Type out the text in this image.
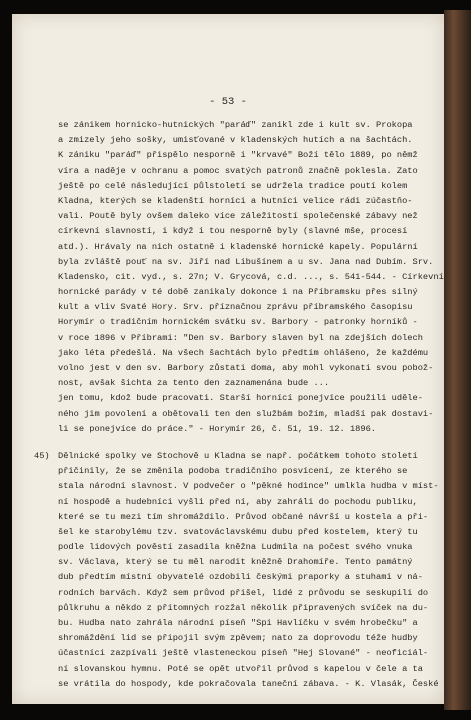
- 53 -
se zánikem hornicko-hutnických "paráď" zanikl zde i kult sv. Prokopa
a zmizely jeho sošky, umisťované v kladenských hutích a na šachtách.
K zániku "paráď" přispělo nesporně i "krvavé" Boží tělo 1889, po němž
víra a naděje v ochranu a pomoc svatých patronů značně poklesla. Zato
ještě po celé následující půlstoletí se udržela tradice poutí kolem
Kladna, kterých se kladenští horníci a hutníci velice rádi zúčastňo-
vali. Poutě byly ovšem daleko více záležitostí společenské zábavy než
církevní slavností, i když i tou nesporně byly (slavné mše, procesí
atd.). Hrávaly na nich ostatně i kladenské hornické kapely. Populární
byla zvláště pouť na sv. Jiří nad Libušínem a u sv. Jana nad Dubím. Srv.
Kladensko, cit. vyd., s. 27n; V. Grycová, c.d. ..., s. 541-544. - Církevní
hornické parády v té době zanikaly dokonce i na Příbramsku přes silný
kult a vliv Svaté Hory. Srv. příznačnou zprávu příbramského časopisu
Horymír o tradičním hornickém svátku sv. Barbory - patronky horníků -
v roce 1896 v Příbrami: "Den sv. Barbory slaven byl na zdejších dolech
jako léta předešlá. Na všech šachtách bylo předtím ohlášeno, že každému
volno jest v den sv. Barbory zůstati doma, aby mohl vykonati svou pobož-
nost, avšak šichta za tento den zaznamenána bude ...
jen tomu, kdož bude pracovati. Starší hornící ponejvíce použili uděle-
ného jim povolení a obětovali ten den službám božím, mladší pak dostavi-
li se ponejvíce do práce." - Horymír 26, č. 51, 19. 12. 1896.
45) Dělnické spolky ve Stochově u Kladna se např. počátkem tohoto století
přičinily, že se změnila podoba tradičního posvícení, ze kterého se
stala národní slavnost. V podvečer o "pěkné hodince" umlkla hudba v míst-
ní hospodě a hudebníci vyšli před ní, aby zahráli do pochodu publiku,
které se tu mezi tím shromáždilo. Průvod občané návrší u kostela a při-
šel ke starobylému tzv. svatováclavskému dubu před kostelem, který tu
podle lidových pověstí zasadila kněžna Ludmila na počest svého vnuka
sv. Václava, který se tu měl narodit kněžně Drahomíře. Tento památný
dub předtím místní obyvatelé ozdobili českými praporky a stuhami v ná-
rodních barvách. Když sem průvod přišel, lidé z průvodu se seskupili do
půlkruhu a někdo z přítomných rozžal několik připravených svíček na du-
bu. Hudba nato zahrála národní píseň "Spi Havlíčku v svém hrobečku" a
shromáždění lid se připojil svým zpěvem; nato za doprovodu téže hudby
účastníci zazpívali ještě vlasteneckou píseň "Hej Slované" - neoficiál-
ní slovanskou hymnu. Poté se opět utvořil průvod s kapelou v čele a ta
se vrátila do hospody, kde pokračovala taneční zábava. - K. Vlasák, České
